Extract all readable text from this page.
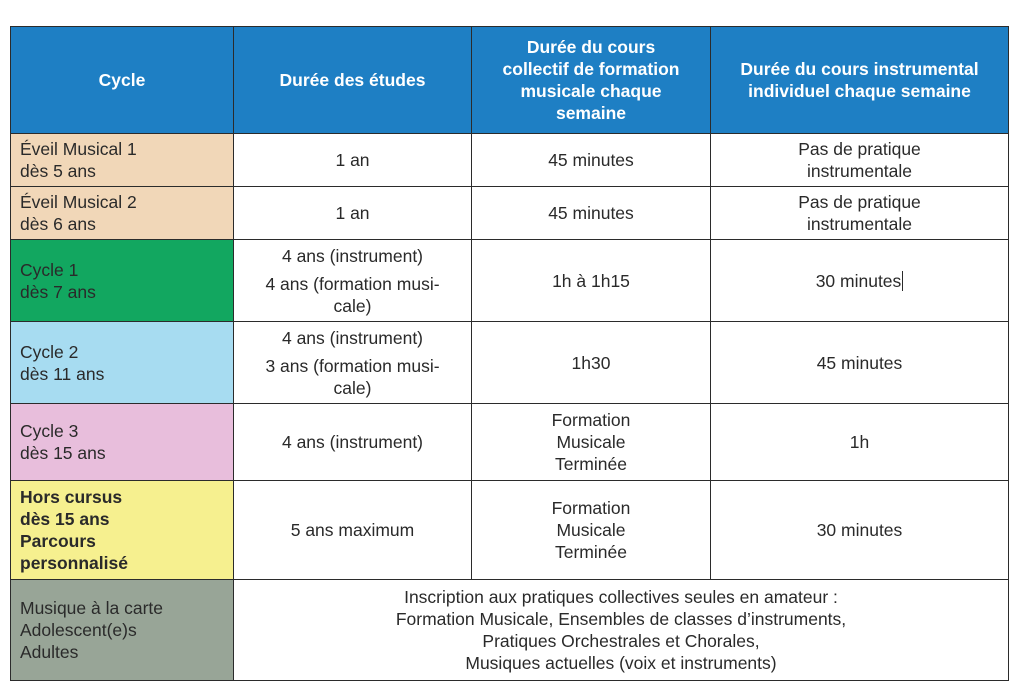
Cycle	Durée des études	Durée du cours
collectif de formation
musicale chaque
semaine	Durée du cours instrumental
individuel chaque semaine

Éveil Musical 1
dès 5 ans	1 an	45 minutes	Pas de pratique
instrumentale

Éveil Musical 2
dès 6 ans	1 an	45 minutes	Pas de pratique
instrumentale

Cycle 1
dès 7 ans	4 ans (instrument)
4 ans (formation musi-
cale)	1h à 1h15	30 minutes

Cycle 2
dès 11 ans	4 ans (instrument)
3 ans (formation musi-
cale)	1h30	45 minutes

Cycle 3
dès 15 ans	4 ans (instrument)	Formation
Musicale
Terminée	1h

Hors cursus
dès 15 ans
Parcours
personnalisé	5 ans maximum	Formation
Musicale
Terminée	30 minutes

Musique à la carte
Adolescent(e)s
Adultes	Inscription aux pratiques collectives seules en amateur :
Formation Musicale, Ensembles de classes d’instruments,
Pratiques Orchestrales et Chorales,
Musiques actuelles (voix et instruments)		
